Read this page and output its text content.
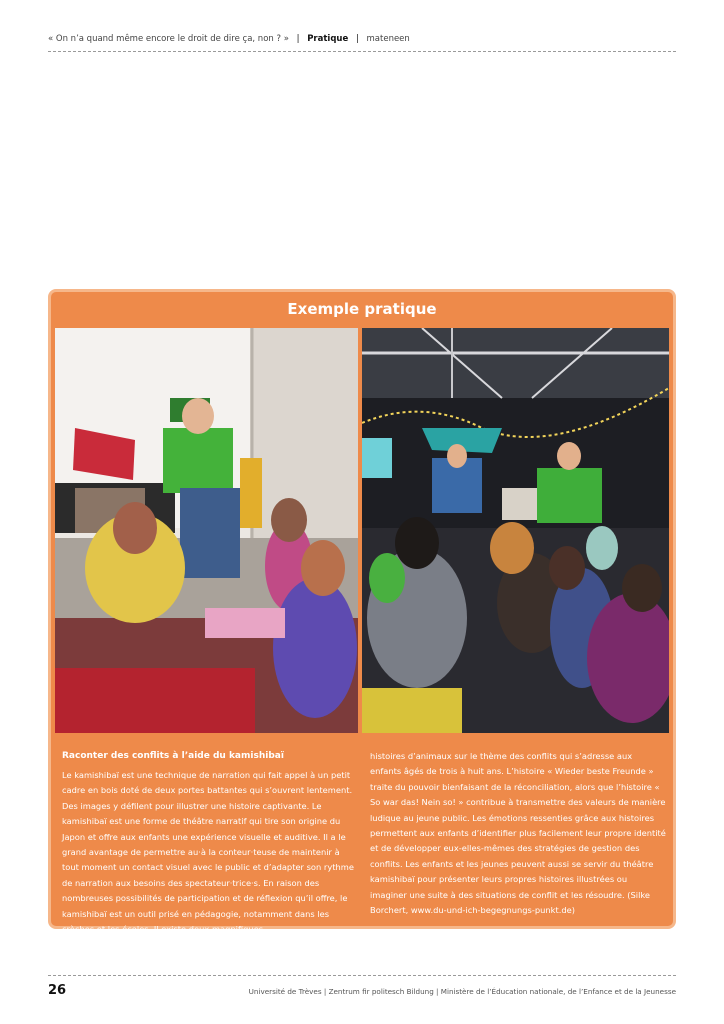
« On n’a quand même encore le droit de dire ça, non ? » | Pratique | mateneen
Exemple pratique
Raconter des conflits à l’aide du kamishibaï

Le kamishibaï est une technique de narration qui fait appel à un petit cadre en bois doté de deux portes battantes qui s’ouvrent lentement. Des images y défilent pour illustrer une histoire captivante. Le kamishibaï est une forme de théâtre narratif qui tire son origine du Japon et offre aux enfants une expérience visuelle et auditive. Il a le grand avantage de permettre au·à la conteur·teuse de maintenir à tout moment un contact visuel avec le public et d’adapter son rythme de narration aux besoins des spectateur·trice·s. En raison des nombreuses possibilités de participation et de réflexion qu’il offre, le kamishibaï est un outil prisé en pédagogie, notamment dans les crèches et les écoles. Il existe deux magnifiques

histoires d’animaux sur le thème des conflits qui s’adresse aux enfants âgés de trois à huit ans. L’histoire « Wieder beste Freunde » traite du pouvoir bienfaisant de la réconciliation, alors que l’histoire « So war das! Nein so! » contribue à transmettre des valeurs de manière ludique au jeune public. Les émotions ressenties grâce aux histoires permettent aux enfants d’identifier plus facilement leur propre identité et de développer eux-elles-mêmes des stratégies de gestion des conflits. Les enfants et les jeunes peuvent aussi se servir du théâtre kamishibaï pour présenter leurs propres histoires illustrées ou imaginer une suite à des situations de conflit et les résoudre. (Silke Borchert, www.du-und-ich-begegnungs-punkt.de)

26	Université de Trèves | Zentrum fir politesch Bildung | Ministère de l’Éducation nationale, de l’Enfance et de la Jeunesse
